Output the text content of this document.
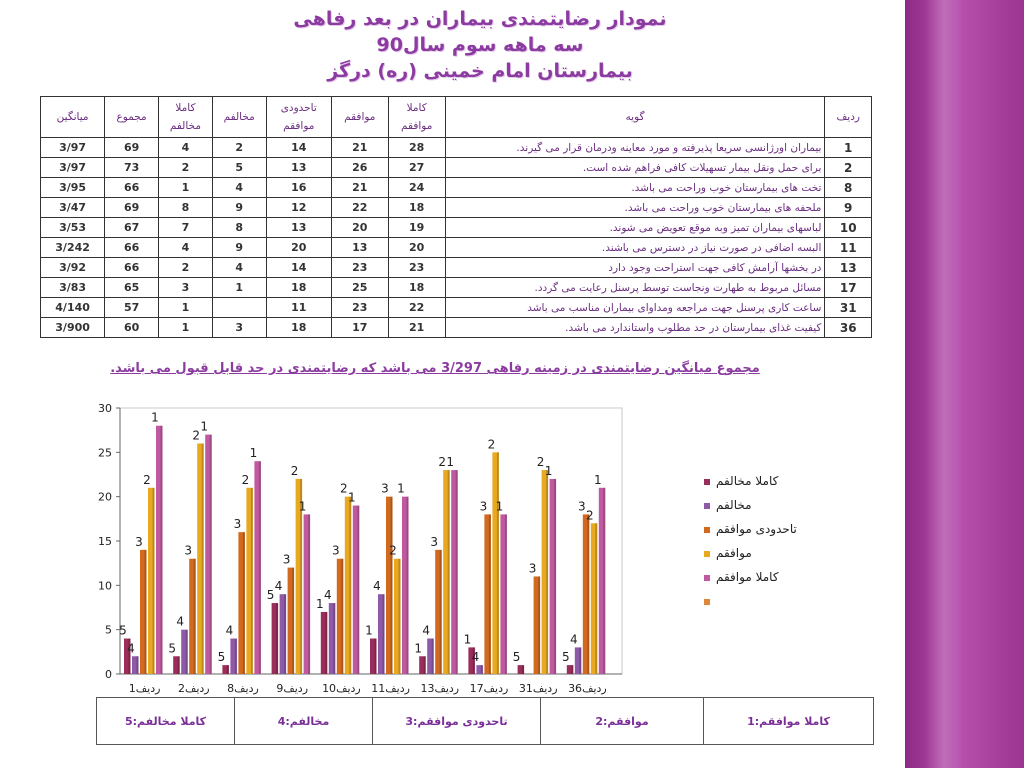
نمودار رضایتمندی بیماران در بعد رفاهی
سه ماهه سوم سال90
بیمارستان امام خمینی (ره) درگز
ردیف	گویه	کاملا موافقم	موافقم	تاحدودی موافقم	مخالفم	کاملا مخالفم	مجموع	میانگین
1	بیماران اورژانسی سریعا پذیرفته و مورد معاینه ودرمان قرار می گیرند.	28	21	14	2	4	69	3/97
2	برای حمل ونقل بیمار تسهیلات کافی فراهم شده است.	27	26	13	5	2	73	3/97
8	تخت های بیمارستان خوب وراحت می باشد.	24	21	16	4	1	66	3/95
9	ملحفه های بیمارستان خوب وراحت می باشد.	18	22	12	9	8	69	3/47
10	لباسهای بیماران تمیز وبه موقع تعویض می شوند.	19	20	13	8	7	67	3/53
11	البسه اضافی در صورت نیاز در دسترس می باشند.	20	13	20	9	4	66	3/242
13	در بخشها آرامش کافی جهت استراحت وجود دارد	23	23	14	4	2	66	3/92
17	مسائل مربوط به طهارت ونجاست توسط پرسنل رعایت می گردد.	18	25	18	1	3	65	3/83
31	ساعت کاری پرسنل جهت مراجعه ومداوای بیماران مناسب می باشد	22	23	11		1	57	4/140
36	کیفیت غذای بیمارستان در حد مطلوب واستاندارد می باشد.	21	17	18	3	1	60	3/900
مجموع میانگین رضایتمندی در زمینه رفاهی 3/297 می باشد که رضایتمندی در حد قابل قبول می باشد.
0
5
10
15
20
25
30
5
4
3
2
1
ردیف1
5
4
3
2
1
ردیف2
5
4
3
2
1
ردیف8
5
4
3
2
1
ردیف9
1
4
3
2
1
ردیف10
1
4
3
2
1
ردیف11
1
4
3
2 1
ردیف13
1
4
3
2
1
ردیف17
5
3
2
1
ردیف31
5
4
3
2
1
ردیف36
کاملا مخالفم
مخالفم
تاحدودی موافقم
موافقم
کاملا موافقم
کاملا مخالفم:5	مخالفم:4	تاحدودی موافقم:3	موافقم:2	کاملا موافقم:1
